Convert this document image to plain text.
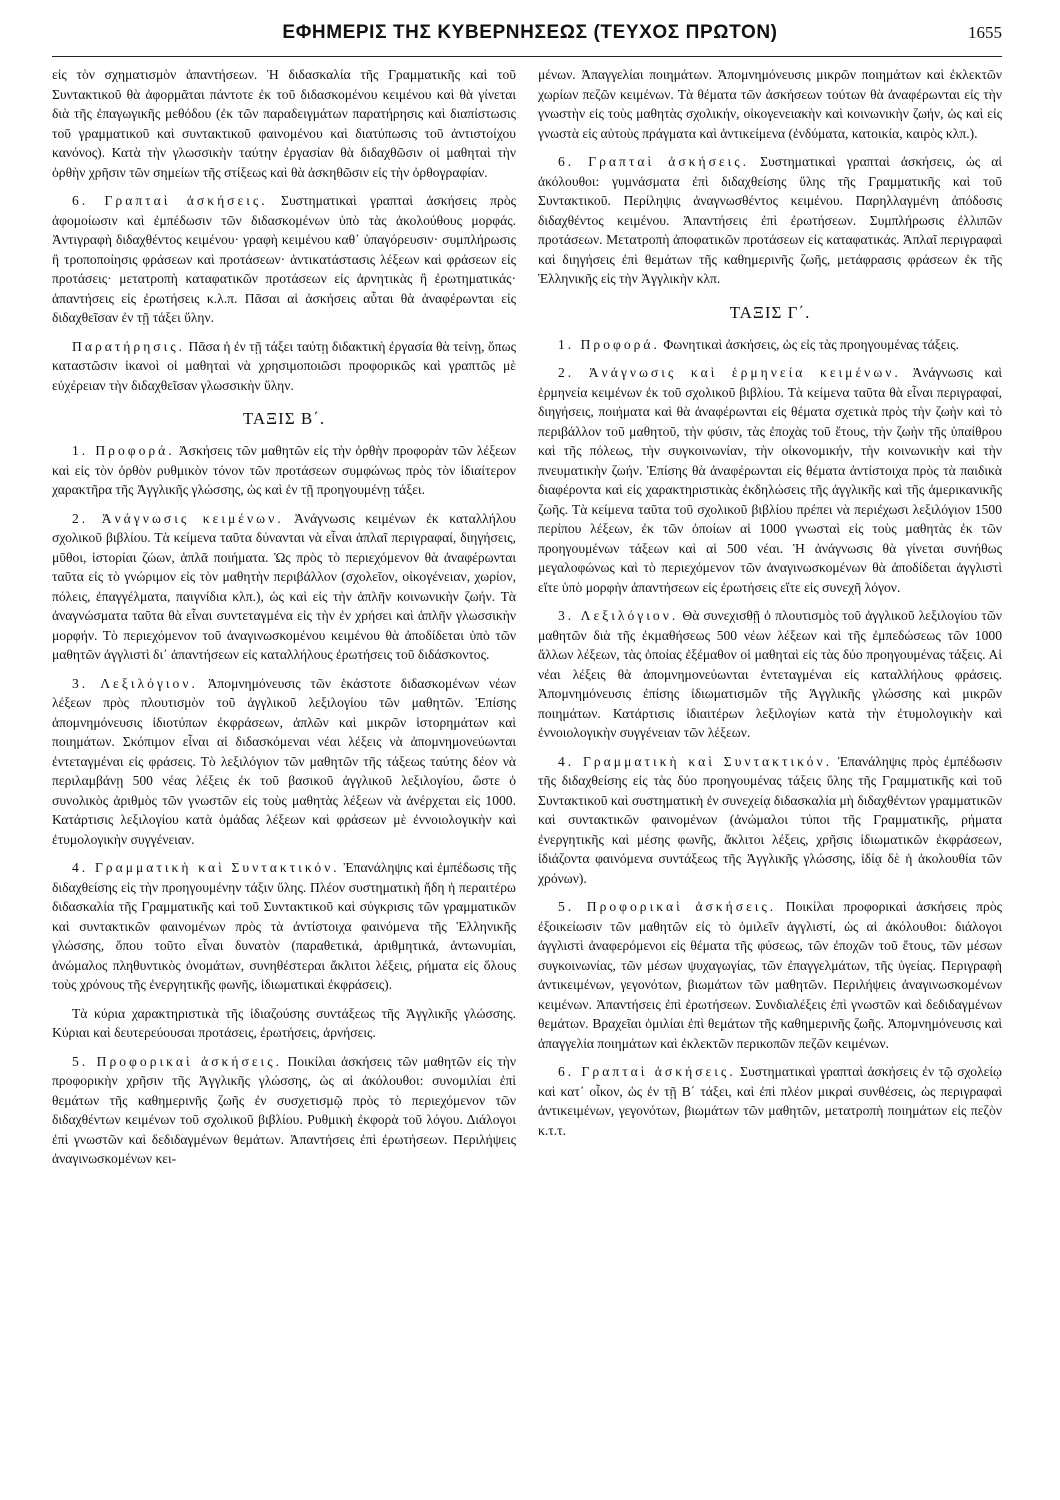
ΕΦΗΜΕΡΙΣ ΤΗΣ ΚΥΒΕΡΝΗΣΕΩΣ (ΤΕΥΧΟΣ ΠΡΩΤΟΝ)	1655

εἰς τὸν σχηματισμὸν ἀπαντήσεων. Ἡ διδασκαλία τῆς Γραμματικῆς καὶ τοῦ Συντακτικοῦ θὰ ἀφορμᾶται πάντοτε ἐκ τοῦ διδασκομένου κειμένου καὶ θὰ γίνεται διὰ τῆς ἐπαγωγικῆς μεθόδου (ἐκ τῶν παραδειγμάτων παρατήρησις καὶ διαπίστωσις τοῦ γραμματικοῦ καὶ συντακτικοῦ φαινομένου καὶ διατύπωσις τοῦ ἀντιστοίχου κανόνος). Κατὰ τὴν γλωσσικὴν ταύτην ἐργασίαν θὰ διδαχθῶσιν οἱ μαθηταὶ τὴν ὀρθὴν χρῆσιν τῶν σημείων τῆς στίξεως καὶ θὰ ἀσκηθῶσιν εἰς τὴν ὀρθογραφίαν.

6. Γραπταὶ ἀσκήσεις. Συστηματικαὶ γραπταὶ ἀσκήσεις πρὸς ἀφομοίωσιν καὶ ἐμπέδωσιν τῶν διδασκομένων ὑπὸ τὰς ἀκολούθους μορφάς. Ἀντιγραφὴ διδαχθέντος κειμένου· γραφὴ κειμένου καθ᾽ ὑπαγόρευσιν· συμπλήρωσις ἢ τροποποίησις φράσεων καὶ προτάσεων· ἀντικατάστασις λέξεων καὶ φράσεων εἰς προτάσεις· μετατροπὴ καταφατικῶν προτάσεων εἰς ἀρνητικὰς ἢ ἐρωτηματικάς· ἀπαντήσεις εἰς ἐρωτήσεις κ.λ.π. Πᾶσαι αἱ ἀσκήσεις αὗται θὰ ἀναφέρωνται εἰς διδαχθεῖσαν ἐν τῇ τάξει ὕλην.

Παρατήρησις. Πᾶσα ἡ ἐν τῇ τάξει ταύτῃ διδακτικὴ ἐργασία θὰ τείνῃ, ὅπως καταστῶσιν ἱκανοὶ οἱ μαθηταὶ νὰ χρησιμοποιῶσι προφορικῶς καὶ γραπτῶς μὲ εὐχέρειαν τὴν διδαχθεῖσαν γλωσσικὴν ὕλην.

ΤΑΞΙΣ Β΄.

1. Προφορά. Ἀσκήσεις τῶν μαθητῶν εἰς τὴν ὀρθὴν προφορὰν τῶν λέξεων καὶ εἰς τὸν ὀρθὸν ρυθμικὸν τόνον τῶν προτάσεων συμφώνως πρὸς τὸν ἰδιαίτερον χαρακτῆρα τῆς Ἀγγλικῆς γλώσσης, ὡς καὶ ἐν τῇ προηγουμένῃ τάξει.

2. Ἀνάγνωσις κειμένων. Ἀνάγνωσις κειμένων ἐκ καταλλήλου σχολικοῦ βιβλίου. Τὰ κείμενα ταῦτα δύνανται νὰ εἶναι ἁπλαῖ περιγραφαί, διηγήσεις, μῦθοι, ἱστορίαι ζώων, ἁπλᾶ ποιήματα. Ὡς πρὸς τὸ περιεχόμενον θὰ ἀναφέρωνται ταῦτα εἰς τὸ γνώριμον εἰς τὸν μαθητὴν περιβάλλον (σχολεῖον, οἰκογένειαν, χωρίον, πόλεις, ἐπαγγέλματα, παιγνίδια κλπ.), ὡς καὶ εἰς τὴν ἁπλῆν κοινωνικὴν ζωήν. Τὰ ἀναγνώσματα ταῦτα θὰ εἶναι συντεταγμένα εἰς τὴν ἐν χρήσει καὶ ἁπλῆν γλωσσικὴν μορφήν. Τὸ περιεχόμενον τοῦ ἀναγινωσκομένου κειμένου θὰ ἀποδίδεται ὑπὸ τῶν μαθητῶν ἀγγλιστὶ δι᾽ ἀπαντήσεων εἰς καταλλήλους ἐρωτήσεις τοῦ διδάσκοντος.

3. Λεξιλόγιον. Ἀπομνημόνευσις τῶν ἑκάστοτε διδασκομένων νέων λέξεων πρὸς πλουτισμὸν τοῦ ἀγγλικοῦ λεξιλογίου τῶν μαθητῶν. Ἐπίσης ἀπομνημόνευσις ἰδιοτύπων ἐκφράσεων, ἁπλῶν καὶ μικρῶν ἱστορημάτων καὶ ποιημάτων. Σκόπιμον εἶναι αἱ διδασκόμεναι νέαι λέξεις νὰ ἀπομνημονεύωνται ἐντεταγμέναι εἰς φράσεις. Τὸ λεξιλόγιον τῶν μαθητῶν τῆς τάξεως ταύτης δέον νὰ περιλαμβάνῃ 500 νέας λέξεις ἐκ τοῦ βασικοῦ ἀγγλικοῦ λεξιλογίου, ὥστε ὁ συνολικὸς ἀριθμὸς τῶν γνωστῶν εἰς τοὺς μαθητὰς λέξεων νὰ ἀνέρχεται εἰς 1000. Κατάρτισις λεξιλογίου κατὰ ὁμάδας λέξεων καὶ φράσεων μὲ ἐννοιολογικὴν καὶ ἐτυμολογικὴν συγγένειαν.

4. Γραμματικὴ καὶ Συντακτικόν. Ἐπανάληψις καὶ ἐμπέδωσις τῆς διδαχθείσης εἰς τὴν προηγουμένην τάξιν ὕλης. Πλέον συστηματικὴ ἤδη ἡ περαιτέρω διδασκαλία τῆς Γραμματικῆς καὶ τοῦ Συντακτικοῦ καὶ σύγκρισις τῶν γραμματικῶν καὶ συντακτικῶν φαινομένων πρὸς τὰ ἀντίστοιχα φαινόμενα τῆς Ἑλληνικῆς γλώσσης, ὅπου τοῦτο εἶναι δυνατὸν (παραθετικά, ἀριθμητικά, ἀντωνυμίαι, ἀνώμαλος πληθυντικὸς ὀνομάτων, συνηθέστεραι ἄκλιτοι λέξεις, ρήματα εἰς ὅλους τοὺς χρόνους τῆς ἐνεργητικῆς φωνῆς, ἰδιωματικαὶ ἐκφράσεις).

Τὰ κύρια χαρακτηριστικὰ τῆς ἰδιαζούσης συντάξεως τῆς Ἀγγλικῆς γλώσσης. Κύριαι καὶ δευτερεύουσαι προτάσεις, ἐρωτήσεις, ἀρνήσεις.

5. Προφορικαὶ ἀσκήσεις. Ποικίλαι ἀσκήσεις τῶν μαθητῶν εἰς τὴν προφορικὴν χρῆσιν τῆς Ἀγγλικῆς γλώσσης, ὡς αἱ ἀκόλουθοι: συνομιλίαι ἐπὶ θεμάτων τῆς καθημερινῆς ζωῆς ἐν συσχετισμῷ πρὸς τὸ περιεχόμενον τῶν διδαχθέντων κειμένων τοῦ σχολικοῦ βιβλίου. Ρυθμικὴ ἐκφορὰ τοῦ λόγου. Διάλογοι ἐπὶ γνωστῶν καὶ δεδιδαγμένων θεμάτων. Ἀπαντήσεις ἐπὶ ἐρωτήσεων. Περιλήψεις ἀναγινωσκομένων κει-

μένων. Ἀπαγγελίαι ποιημάτων. Ἀπομνημόνευσις μικρῶν ποιημάτων καὶ ἐκλεκτῶν χωρίων πεζῶν κειμένων. Τὰ θέματα τῶν ἀσκήσεων τούτων θὰ ἀναφέρωνται εἰς τὴν γνωστὴν εἰς τοὺς μαθητὰς σχολικήν, οἰκογενειακὴν καὶ κοινωνικὴν ζωήν, ὡς καὶ εἰς γνωστὰ εἰς αὐτοὺς πράγματα καὶ ἀντικείμενα (ἐνδύματα, κατοικία, καιρὸς κλπ.).

6. Γραπταὶ ἀσκήσεις. Συστηματικαὶ γραπταὶ ἀσκήσεις, ὡς αἱ ἀκόλουθοι: γυμνάσματα ἐπὶ διδαχθείσης ὕλης τῆς Γραμματικῆς καὶ τοῦ Συντακτικοῦ. Περίληψις ἀναγνωσθέντος κειμένου. Παρηλλαγμένη ἀπόδοσις διδαχθέντος κειμένου. Ἀπαντήσεις ἐπὶ ἐρωτήσεων. Συμπλήρωσις ἐλλιπῶν προτάσεων. Μετατροπὴ ἀποφατικῶν προτάσεων εἰς καταφατικάς. Ἁπλαῖ περιγραφαὶ καὶ διηγήσεις ἐπὶ θεμάτων τῆς καθημερινῆς ζωῆς, μετάφρασις φράσεων ἐκ τῆς Ἑλληνικῆς εἰς τὴν Ἀγγλικὴν κλπ.

ΤΑΞΙΣ Γ΄.

1. Προφορά. Φωνητικαὶ ἀσκήσεις, ὡς εἰς τὰς προηγουμένας τάξεις.

2. Ἀνάγνωσις καὶ ἑρμηνεία κειμένων. Ἀνάγνωσις καὶ ἑρμηνεία κειμένων ἐκ τοῦ σχολικοῦ βιβλίου. Τὰ κείμενα ταῦτα θὰ εἶναι περιγραφαί, διηγήσεις, ποιήματα καὶ θὰ ἀναφέρωνται εἰς θέματα σχετικὰ πρὸς τὴν ζωὴν καὶ τὸ περιβάλλον τοῦ μαθητοῦ, τὴν φύσιν, τὰς ἐποχὰς τοῦ ἔτους, τὴν ζωὴν τῆς ὑπαίθρου καὶ τῆς πόλεως, τὴν συγκοινωνίαν, τὴν οἰκονομικήν, τὴν κοινωνικὴν καὶ τὴν πνευματικὴν ζωήν. Ἐπίσης θὰ ἀναφέρωνται εἰς θέματα ἀντίστοιχα πρὸς τὰ παιδικὰ διαφέροντα καὶ εἰς χαρακτηριστικὰς ἐκδηλώσεις τῆς ἀγγλικῆς καὶ τῆς ἀμερικανικῆς ζωῆς. Τὰ κείμενα ταῦτα τοῦ σχολικοῦ βιβλίου πρέπει νὰ περιέχωσι λεξιλόγιον 1500 περίπου λέξεων, ἐκ τῶν ὁποίων αἱ 1000 γνωσταὶ εἰς τοὺς μαθητὰς ἐκ τῶν προηγουμένων τάξεων καὶ αἱ 500 νέαι. Ἡ ἀνάγνωσις θὰ γίνεται συνήθως μεγαλοφώνως καὶ τὸ περιεχόμενον τῶν ἀναγινωσκομένων θὰ ἀποδίδεται ἀγγλιστὶ εἴτε ὑπὸ μορφὴν ἀπαντήσεων εἰς ἐρωτήσεις εἴτε εἰς συνεχῆ λόγον.

3. Λεξιλόγιον. Θὰ συνεχισθῇ ὁ πλουτισμὸς τοῦ ἀγγλικοῦ λεξιλογίου τῶν μαθητῶν διὰ τῆς ἐκμαθήσεως 500 νέων λέξεων καὶ τῆς ἐμπεδώσεως τῶν 1000 ἄλλων λέξεων, τὰς ὁποίας ἐξέμαθον οἱ μαθηταὶ εἰς τὰς δύο προηγουμένας τάξεις. Αἱ νέαι λέξεις θὰ ἀπομνημονεύωνται ἐντεταγμέναι εἰς καταλλήλους φράσεις. Ἀπομνημόνευσις ἐπίσης ἰδιωματισμῶν τῆς Ἀγγλικῆς γλώσσης καὶ μικρῶν ποιημάτων. Κατάρτισις ἰδιαιτέρων λεξιλογίων κατὰ τὴν ἐτυμολογικὴν καὶ ἐννοιολογικὴν συγγένειαν τῶν λέξεων.

4. Γραμματικὴ καὶ Συντακτικόν. Ἐπανάληψις πρὸς ἐμπέδωσιν τῆς διδαχθείσης εἰς τὰς δύο προηγουμένας τάξεις ὕλης τῆς Γραμματικῆς καὶ τοῦ Συντακτικοῦ καὶ συστηματικὴ ἐν συνεχείᾳ διδασκαλία μὴ διδαχθέντων γραμματικῶν καὶ συντακτικῶν φαινομένων (ἀνώμαλοι τύποι τῆς Γραμματικῆς, ρήματα ἐνεργητικῆς καὶ μέσης φωνῆς, ἄκλιτοι λέξεις, χρῆσις ἰδιωματικῶν ἐκφράσεων, ἰδιάζοντα φαινόμενα συντάξεως τῆς Ἀγγλικῆς γλώσσης, ἰδίᾳ δὲ ἡ ἀκολουθία τῶν χρόνων).

5. Προφορικαὶ ἀσκήσεις. Ποικίλαι προφορικαὶ ἀσκήσεις πρὸς ἐξοικείωσιν τῶν μαθητῶν εἰς τὸ ὁμιλεῖν ἀγγλιστί, ὡς αἱ ἀκόλουθοι: διάλογοι ἀγγλιστὶ ἀναφερόμενοι εἰς θέματα τῆς φύσεως, τῶν ἐποχῶν τοῦ ἔτους, τῶν μέσων συγκοινωνίας, τῶν μέσων ψυχαγωγίας, τῶν ἐπαγγελμάτων, τῆς ὑγείας. Περιγραφὴ ἀντικειμένων, γεγονότων, βιωμάτων τῶν μαθητῶν. Περιλήψεις ἀναγινωσκομένων κειμένων. Ἀπαντήσεις ἐπὶ ἐρωτήσεων. Συνδιαλέξεις ἐπὶ γνωστῶν καὶ δεδιδαγμένων θεμάτων. Βραχεῖαι ὁμιλίαι ἐπὶ θεμάτων τῆς καθημερινῆς ζωῆς. Ἀπομνημόνευσις καὶ ἀπαγγελία ποιημάτων καὶ ἐκλεκτῶν περικοπῶν πεζῶν κειμένων.

6. Γραπταὶ ἀσκήσεις. Συστηματικαὶ γραπταὶ ἀσκήσεις ἐν τῷ σχολείῳ καὶ κατ᾽ οἶκον, ὡς ἐν τῇ Β΄ τάξει, καὶ ἐπὶ πλέον μικραὶ συνθέσεις, ὡς περιγραφαὶ ἀντικειμένων, γεγονότων, βιωμάτων τῶν μαθητῶν, μετατροπὴ ποιημάτων εἰς πεζὸν κ.τ.τ.
